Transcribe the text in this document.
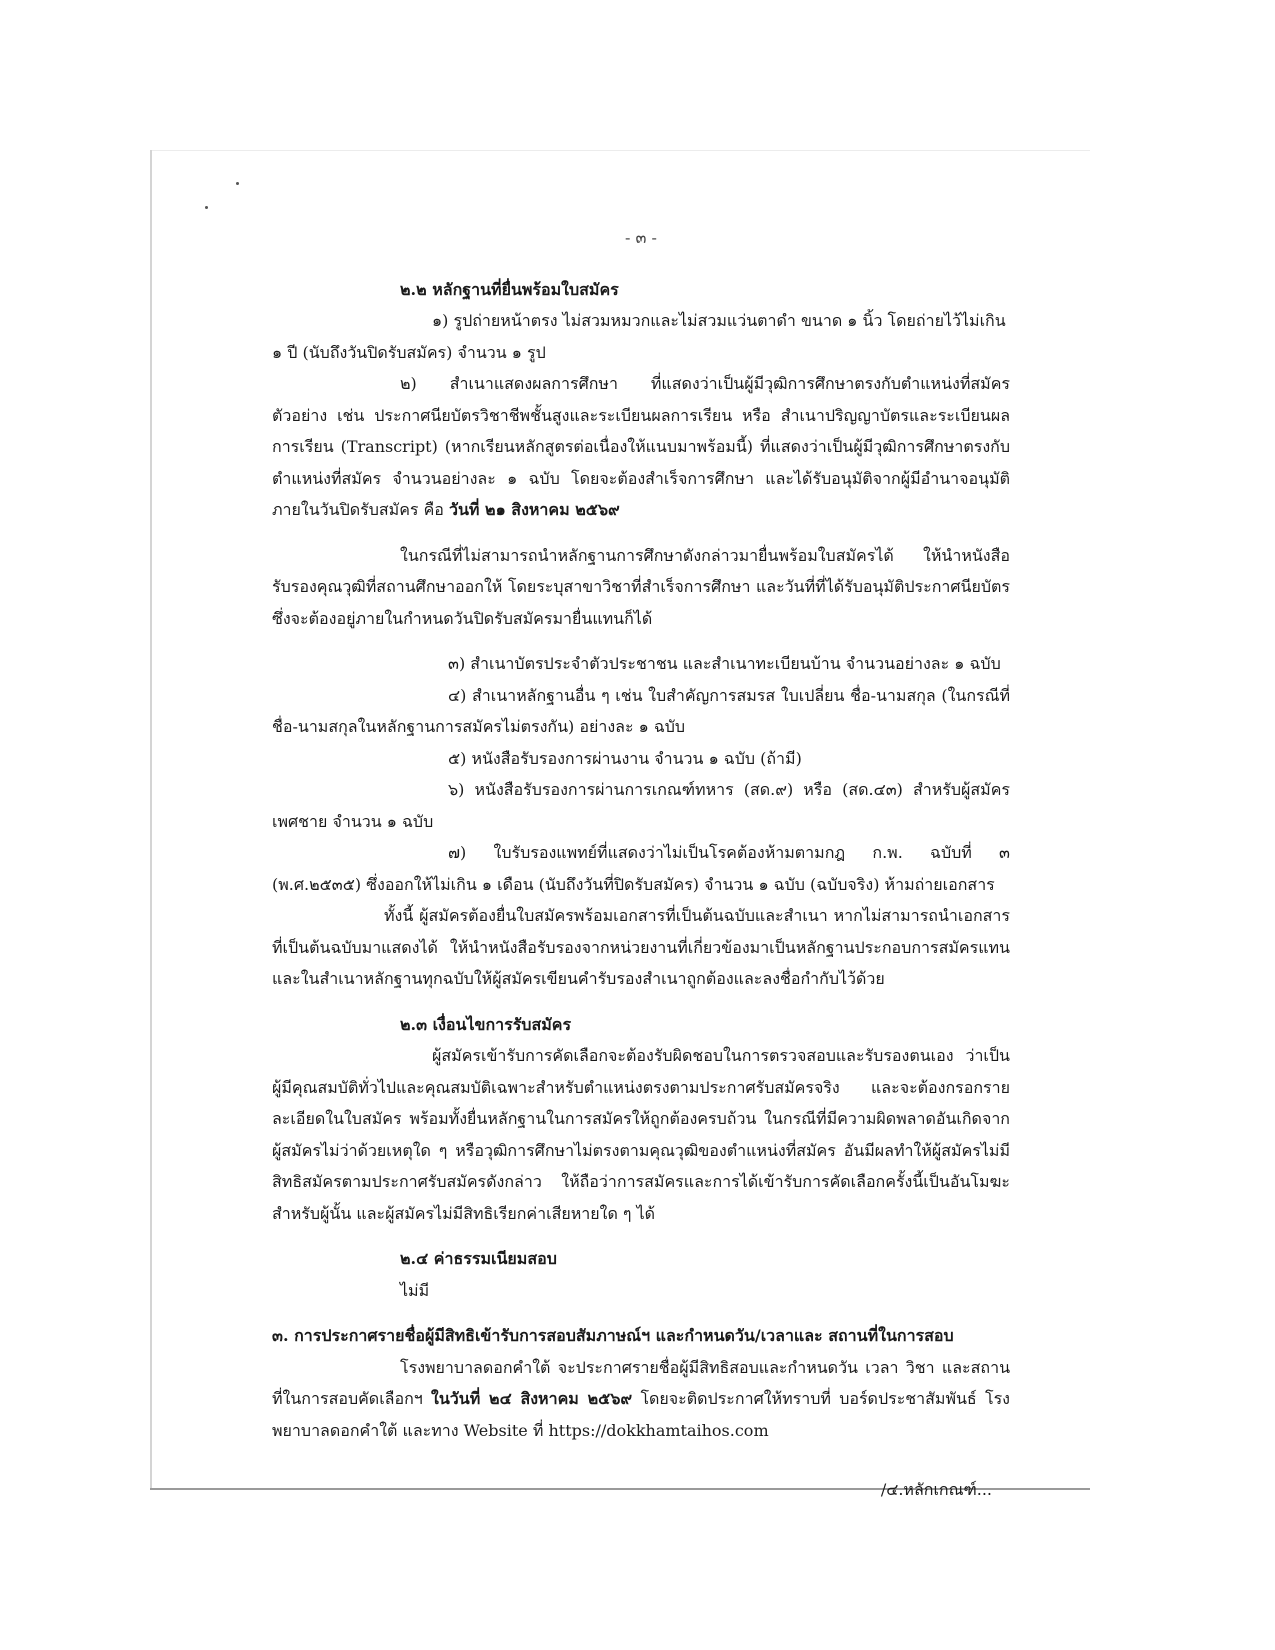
- ๓ -

๒.๒ หลักฐานที่ยื่นพร้อมใบสมัคร

๑) รูปถ่ายหน้าตรง ไม่สวมหมวกและไม่สวมแว่นตาดำ ขนาด ๑ นิ้ว โดยถ่ายไว้ไม่เกิน

๑ ปี (นับถึงวันปิดรับสมัคร) จำนวน ๑ รูป

๒) สำเนาแสดงผลการศึกษา ที่แสดงว่าเป็นผู้มีวุฒิการศึกษาตรงกับตำแหน่งที่สมัคร ตัวอย่าง เช่น ประกาศนียบัตรวิชาชีพชั้นสูงและระเบียนผลการเรียน หรือ สำเนาปริญญาบัตรและระเบียนผลการเรียน (Transcript) (หากเรียนหลักสูตรต่อเนื่องให้แนบมาพร้อมนี้) ที่แสดงว่าเป็นผู้มีวุฒิการศึกษาตรงกับตำแหน่งที่สมัคร จำนวนอย่างละ ๑ ฉบับ โดยจะต้องสำเร็จการศึกษา และได้รับอนุมัติจากผู้มีอำนาจอนุมัติ ภายในวันปิดรับสมัคร คือ วันที่ ๒๑ สิงหาคม ๒๕๖๙

ในกรณีที่ไม่สามารถนำหลักฐานการศึกษาดังกล่าวมายื่นพร้อมใบสมัครได้ ให้นำหนังสือรับรองคุณวุฒิที่สถานศึกษาออกให้ โดยระบุสาขาวิชาที่สำเร็จการศึกษา และวันที่ที่ได้รับอนุมัติประกาศนียบัตร ซึ่งจะต้องอยู่ภายในกำหนดวันปิดรับสมัครมายื่นแทนก็ได้

๓) สำเนาบัตรประจำตัวประชาชน และสำเนาทะเบียนบ้าน จำนวนอย่างละ ๑ ฉบับ

๔) สำเนาหลักฐานอื่น ๆ เช่น ใบสำคัญการสมรส ใบเปลี่ยน ชื่อ-นามสกุล (ในกรณีที่ชื่อ-นามสกุลในหลักฐานการสมัครไม่ตรงกัน) อย่างละ ๑ ฉบับ

๕) หนังสือรับรองการผ่านงาน จำนวน ๑ ฉบับ (ถ้ามี)

๖) หนังสือรับรองการผ่านการเกณฑ์ทหาร (สด.๙) หรือ (สด.๔๓) สำหรับผู้สมัครเพศชาย จำนวน ๑ ฉบับ

๗) ใบรับรองแพทย์ที่แสดงว่าไม่เป็นโรคต้องห้ามตามกฎ ก.พ. ฉบับที่ ๓ (พ.ศ.๒๕๓๕) ซึ่งออกให้ไม่เกิน ๑ เดือน (นับถึงวันที่ปิดรับสมัคร) จำนวน ๑ ฉบับ (ฉบับจริง) ห้ามถ่ายเอกสาร

ทั้งนี้ ผู้สมัครต้องยื่นใบสมัครพร้อมเอกสารที่เป็นต้นฉบับและสำเนา หากไม่สามารถนำเอกสารที่เป็นต้นฉบับมาแสดงได้ ให้นำหนังสือรับรองจากหน่วยงานที่เกี่ยวข้องมาเป็นหลักฐานประกอบการสมัครแทน และในสำเนาหลักฐานทุกฉบับให้ผู้สมัครเขียนคำรับรองสำเนาถูกต้องและลงชื่อกำกับไว้ด้วย

๒.๓ เงื่อนไขการรับสมัคร

ผู้สมัครเข้ารับการคัดเลือกจะต้องรับผิดชอบในการตรวจสอบและรับรองตนเอง ว่าเป็นผู้มีคุณสมบัติทั่วไปและคุณสมบัติเฉพาะสำหรับตำแหน่งตรงตามประกาศรับสมัครจริง และจะต้องกรอกรายละเอียดในใบสมัคร พร้อมทั้งยื่นหลักฐานในการสมัครให้ถูกต้องครบถ้วน ในกรณีที่มีความผิดพลาดอันเกิดจากผู้สมัครไม่ว่าด้วยเหตุใด ๆ หรือวุฒิการศึกษาไม่ตรงตามคุณวุฒิของตำแหน่งที่สมัคร อันมีผลทำให้ผู้สมัครไม่มีสิทธิสมัครตามประกาศรับสมัครดังกล่าว ให้ถือว่าการสมัครและการได้เข้ารับการคัดเลือกครั้งนี้เป็นอันโมฆะสำหรับผู้นั้น และผู้สมัครไม่มีสิทธิเรียกค่าเสียหายใด ๆ ได้

๒.๔ ค่าธรรมเนียมสอบ

ไม่มี

๓. การประกาศรายชื่อผู้มีสิทธิเข้ารับการสอบสัมภาษณ์ฯ และกำหนดวัน/เวลาและ สถานที่ในการสอบ

โรงพยาบาลดอกคำใต้ จะประกาศรายชื่อผู้มีสิทธิสอบและกำหนดวัน เวลา วิชา และสถานที่ในการสอบคัดเลือกฯ ในวันที่ ๒๔ สิงหาคม ๒๕๖๙ โดยจะติดประกาศให้ทราบที่ บอร์ดประชาสัมพันธ์ โรงพยาบาลดอกคำใต้ และทาง Website ที่ https://dokkhamtaihos.com

/๔.หลักเกณฑ์...
